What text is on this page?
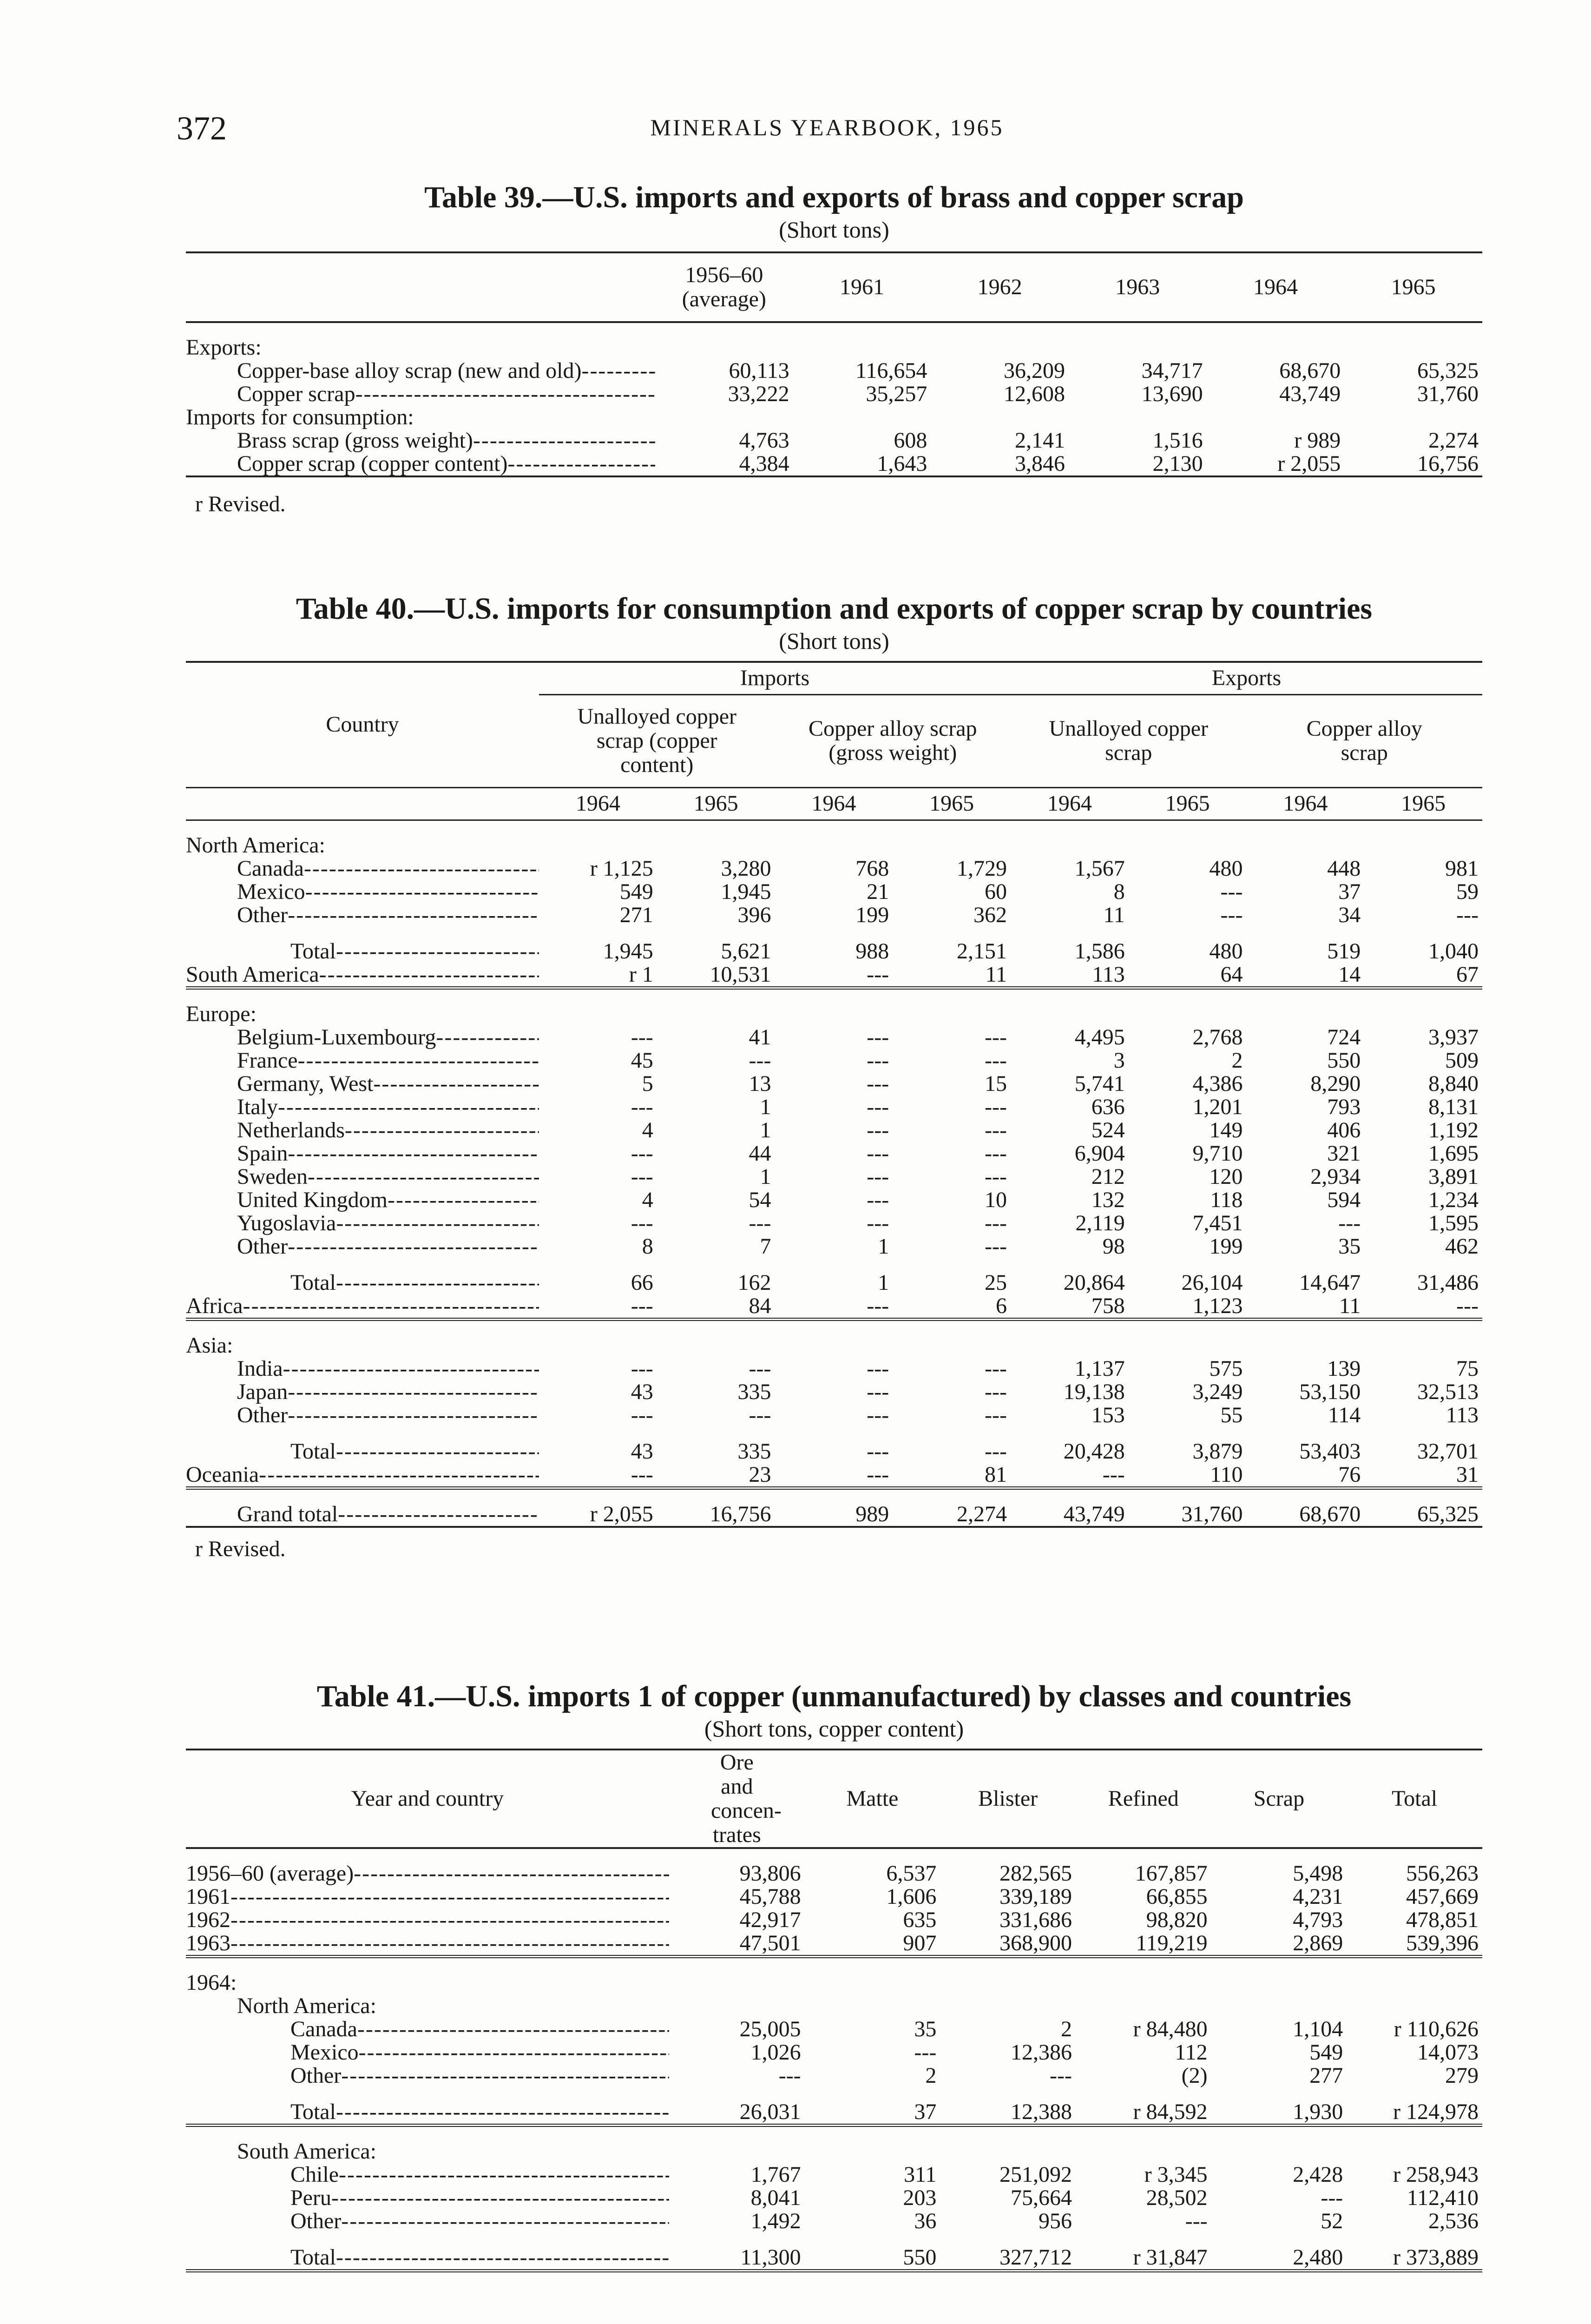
372	MINERALS YEARBOOK, 1965
Table 39.—U.S. imports and exports of brass and copper scrap
(Short tons)
	1956–60 (average)	1961	1962	1963	1964	1965

Exports:						
Copper-base alloy scrap (new and old)-----	60,113	116,654	36,209	34,717	68,670	65,325
Copper scrap-----	33,222	35,257	12,608	13,690	43,749	31,760
Imports for consumption:						
Brass scrap (gross weight)-----	4,763	608	2,141	1,516	r 989	2,274
Copper scrap (copper content)-----	4,384	1,643	3,846	2,130	r 2,055	16,756
r Revised.
Table 40.—U.S. imports for consumption and exports of copper scrap by countries
(Short tons)
Country	Imports				Exports			
	Unalloyed copper scrap (copper content)		Copper alloy scrap (gross weight)		Unalloyed copper scrap		Copper alloy scrap	
	1964	1965	1964	1965	1964	1965	1964	1965

North America:								
Canada-----	r 1,125	3,280	768	1,729	1,567	480	448	981
Mexico-----	549	1,945	21	60	8	---	37	59
Other-----	271	396	199	362	11	---	34	---

Total-----	1,945	5,621	988	2,151	1,586	480	519	1,040
South America-----	r 1	10,531	---	11	113	64	14	67

Europe:								
Belgium-Luxembourg-----	---	41	---	---	4,495	2,768	724	3,937
France-----	45	---	---	---	3	2	550	509
Germany, West-----	5	13	---	15	5,741	4,386	8,290	8,840
Italy-----	---	1	---	---	636	1,201	793	8,131
Netherlands-----	4	1	---	---	524	149	406	1,192
Spain-----	---	44	---	---	6,904	9,710	321	1,695
Sweden-----	---	1	---	---	212	120	2,934	3,891
United Kingdom-----	4	54	---	10	132	118	594	1,234
Yugoslavia-----	---	---	---	---	2,119	7,451	---	1,595
Other-----	8	7	1	---	98	199	35	462

Total-----	66	162	1	25	20,864	26,104	14,647	31,486
Africa-----	---	84	---	6	758	1,123	11	---

Asia:								
India-----	---	---	---	---	1,137	575	139	75
Japan-----	43	335	---	---	19,138	3,249	53,150	32,513
Other-----	---	---	---	---	153	55	114	113

Total-----	43	335	---	---	20,428	3,879	53,403	32,701
Oceania-----	---	23	---	81	---	110	76	31

Grand total-----	r 2,055	16,756	989	2,274	43,749	31,760	68,670	65,325
r Revised.
Table 41.—U.S. imports 1 of copper (unmanufactured) by classes and countries
(Short tons, copper content)
Year and country	Ore and concen-trates	Matte	Blister	Refined	Scrap	Total

1956–60 (average)-----	93,806	6,537	282,565	167,857	5,498	556,263
1961-----	45,788	1,606	339,189	66,855	4,231	457,669
1962-----	42,917	635	331,686	98,820	4,793	478,851
1963-----	47,501	907	368,900	119,219	2,869	539,396

1964:						
North America:						
Canada-----	25,005	35	2	r 84,480	1,104	r 110,626
Mexico-----	1,026	---	12,386	112	549	14,073
Other-----	---	2	---	(2)	277	279

Total-----	26,031	37	12,388	r 84,592	1,930	r 124,978

South America:						
Chile-----	1,767	311	251,092	r 3,345	2,428	r 258,943
Peru-----	8,041	203	75,664	28,502	---	112,410
Other-----	1,492	36	956	---	52	2,536

Total-----	11,300	550	327,712	r 31,847	2,480	r 373,889
